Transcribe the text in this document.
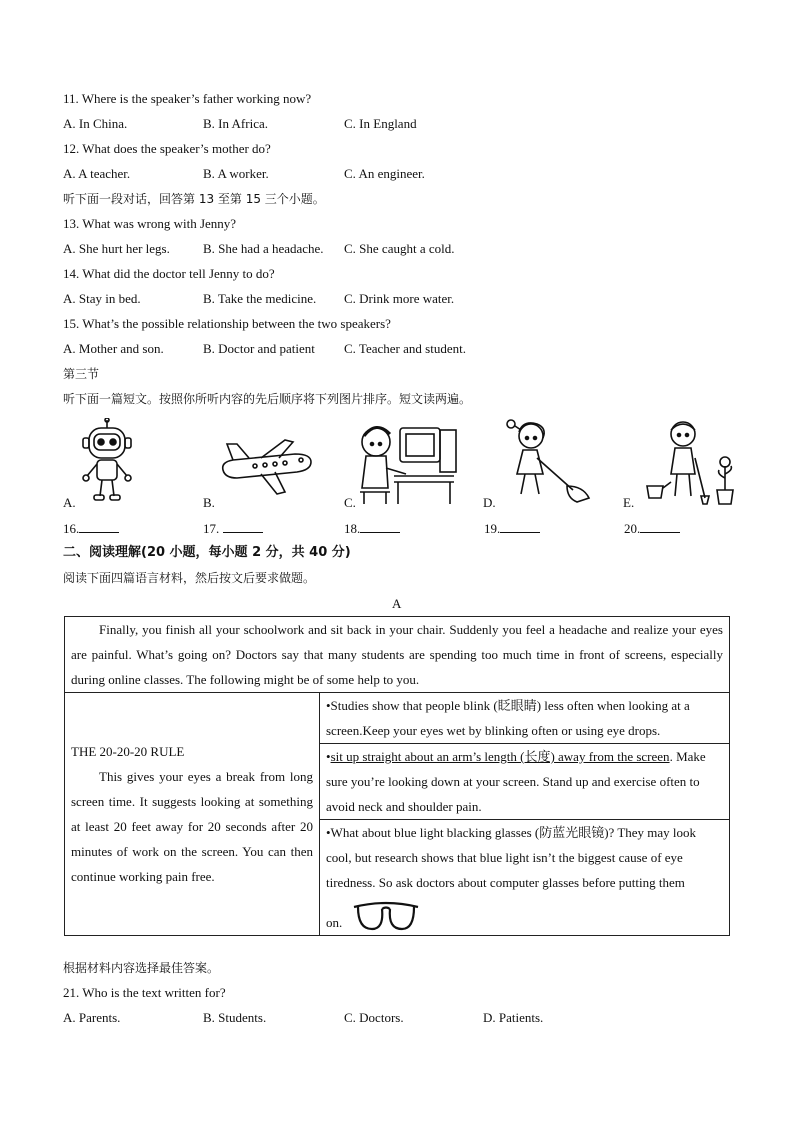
11. Where is the speaker’s father working now?
A. In China.	B. In Africa.	C. In England
12. What does the speaker’s mother do?
A. A teacher.	B. A worker.	C. An engineer.
听下面一段对话，回答第 13 至第 15 三个小题。
13. What was wrong with Jenny?
A. She hurt her legs.	B. She had a headache. C. She caught a cold.
14. What did the doctor tell Jenny to do?
A. Stay in bed.	B. Take the medicine. C. Drink more water.
15. What’s the possible relationship between the two speakers?
A. Mother and son.	B. Doctor and patient C. Teacher and student.
第三节
听下面一篇短文。按照你所听内容的先后顺序将下列图片排序。短文读两遍。
A.	B.	C.	D.	E.
16.	17.	18.	19.	20.
二、阅读理解(20 小题，每小题 2 分，共 40 分)
阅读下面四篇语言材料，然后按文后要求做题。
A
Finally, you finish all your schoolwork and sit back in your chair. Suddenly you feel a headache and realize your eyes are painful. What’s going on? Doctors say that many students are spending too much time in front of screens, especially during online classes. The following might be of some help to you.

THE 20-20-20 RULE
This gives your eyes a break from long screen time. It suggests looking at something at least 20 feet away for 20 seconds after 20 minutes of work on the screen. You can then continue working pain free.
	•Studies show that people blink (眨眼睛) less often when looking at a screen.Keep your eyes wet by blinking often or using eye drops.
•sit up straight about an arm’s length (长度) away from the screen. Make sure you’re looking down at your screen. Stand up and exercise often to avoid neck and shoulder pain.
•What about blue light blacking glasses (防蓝光眼镜)? They may look cool, but research shows that blue light isn’t the biggest cause of eye tiredness. So ask doctors about computer glasses before putting them
on.
根据材料内容选择最佳答案。
21. Who is the text written for?
A. Parents.	B. Students.	C. Doctors.	D. Patients.
